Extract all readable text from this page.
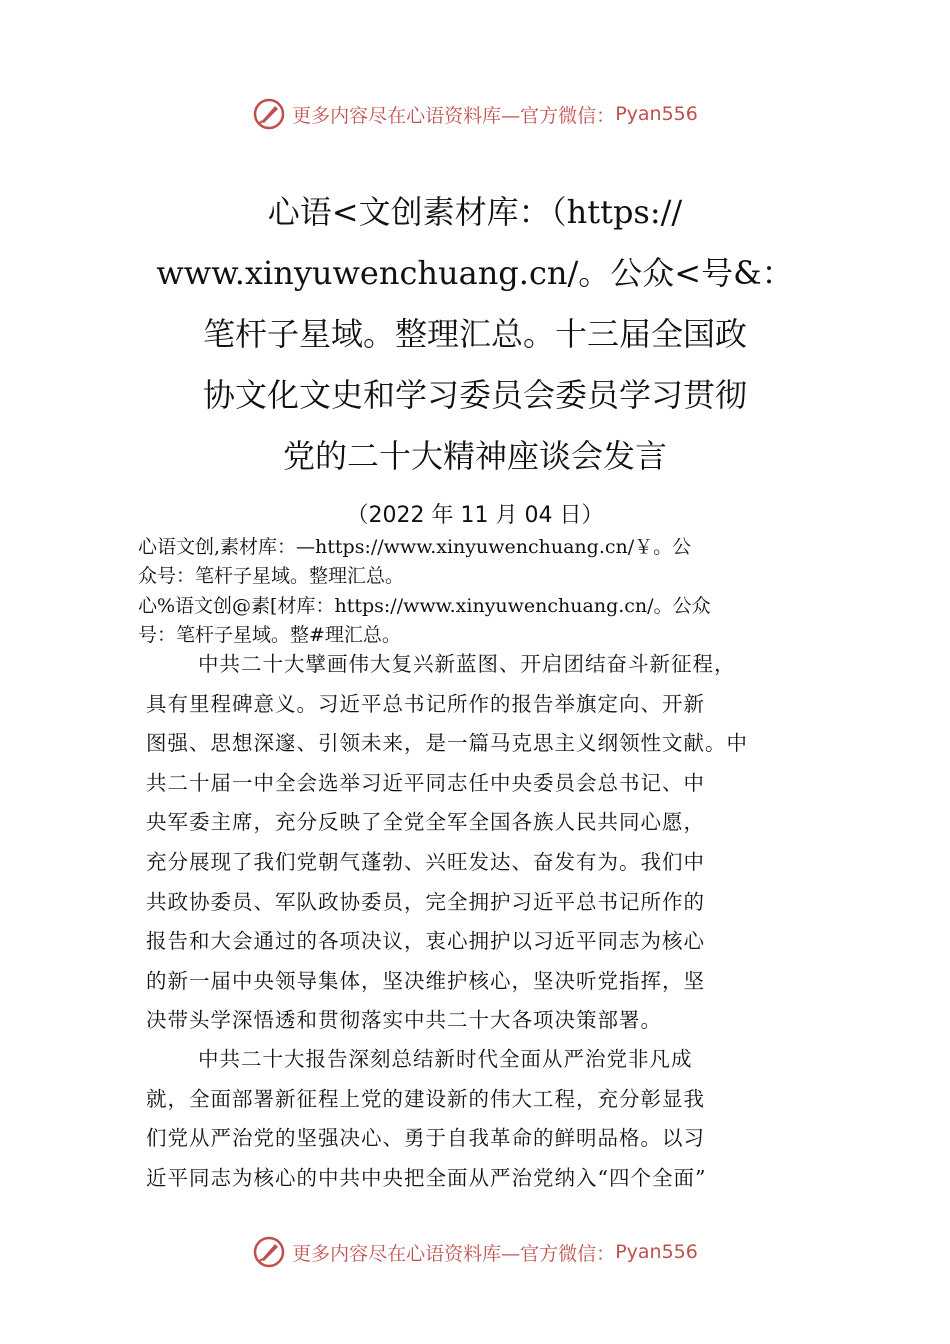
更多内容尽在心语资料库— 官方微信： Pyan556
心语<文创素材库：（https://
www.xinyuwenchuang.cn/。公众<号&：
笔杆子星域。整理汇总。十三届全国政
协文化文史和学习委员会委员学习贯彻
党的二十大精神座谈会发言
（2022 年 11 月 04 日）
心语文创,素材库：—https://www.xinyuwenchuang.cn/￥。公
众号：笔杆子星域。整理汇总。
心%语文创@素[材库：https://www.xinyuwenchuang.cn/。公众
号：笔杆子星域。整#理汇总。
中共二十大擘画伟大复兴新蓝图、开启团结奋斗新征程，
具有里程碑意义。习近平总书记所作的报告举旗定向、开新
图强、思想深邃、引领未来，是一篇马克思主义纲领性文献。中
共二十届一中全会选举习近平同志任中央委员会总书记、中
央军委主席，充分反映了全党全军全国各族人民共同心愿，
充分展现了我们党朝气蓬勃、兴旺发达、奋发有为。我们中
共政协委员、军队政协委员，完全拥护习近平总书记所作的
报告和大会通过的各项决议，衷心拥护以习近平同志为核心
的新一届中央领导集体，坚决维护核心，坚决听党指挥，坚
决带头学深悟透和贯彻落实中共二十大各项决策部署。
中共二十大报告深刻总结新时代全面从严治党非凡成
就，全面部署新征程上党的建设新的伟大工程，充分彰显我
们党从严治党的坚强决心、勇于自我革命的鲜明品格。以习
近平同志为核心的中共中央把全面从严治党纳入“四个全面”
更多内容尽在心语资料库— 官方微信： Pyan556
